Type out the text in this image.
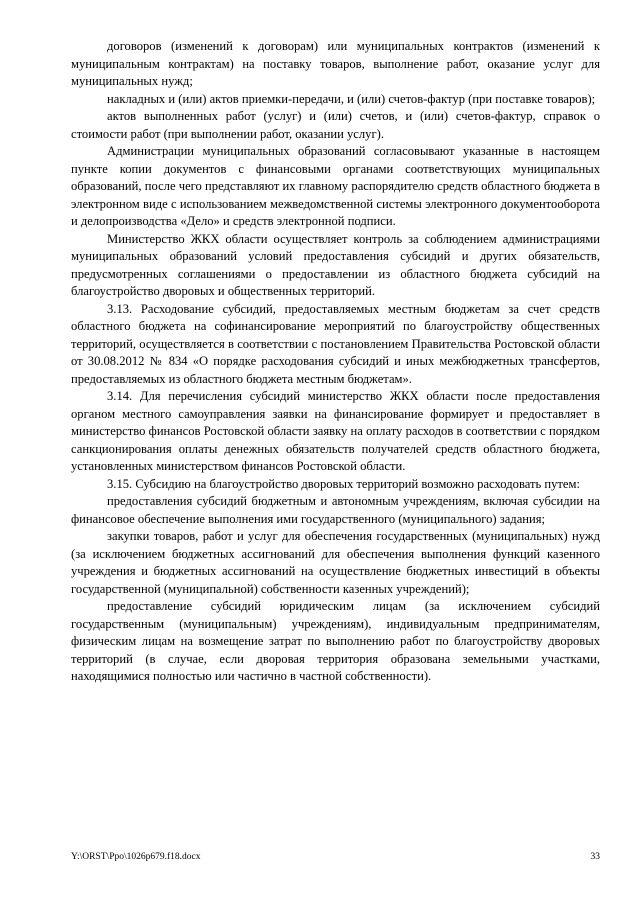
договоров (изменений к договорам) или муниципальных контрактов (изменений к муниципальным контрактам) на поставку товаров, выполнение работ, оказание услуг для муниципальных нужд;

накладных и (или) актов приемки-передачи, и (или) счетов-фактур (при поставке товаров);

актов выполненных работ (услуг) и (или) счетов, и (или) счетов-фактур, справок о стоимости работ (при выполнении работ, оказании услуг).

Администрации муниципальных образований согласовывают указанные в настоящем пункте копии документов с финансовыми органами соответствующих муниципальных образований, после чего представляют их главному распорядителю средств областного бюджета в электронном виде с использованием межведомственной системы электронного документооборота и делопроизводства «Дело» и средств электронной подписи.

Министерство ЖКХ области осуществляет контроль за соблюдением администрациями муниципальных образований условий предоставления субсидий и других обязательств, предусмотренных соглашениями о предоставлении из областного бюджета субсидий на благоустройство дворовых и общественных территорий.

3.13. Расходование субсидий, предоставляемых местным бюджетам за счет средств областного бюджета на софинансирование мероприятий по благоустройству общественных территорий, осуществляется в соответствии с постановлением Правительства Ростовской области от 30.08.2012 № 834 «О порядке расходования субсидий и иных межбюджетных трансфертов, предоставляемых из областного бюджета местным бюджетам».

3.14. Для перечисления субсидий министерство ЖКХ области после предоставления органом местного самоуправления заявки на финансирование формирует и предоставляет в министерство финансов Ростовской области заявку на оплату расходов в соответствии с порядком санкционирования оплаты денежных обязательств получателей средств областного бюджета, установленных министерством финансов Ростовской области.

3.15. Субсидию на благоустройство дворовых территорий возможно расходовать путем:

предоставления субсидий бюджетным и автономным учреждениям, включая субсидии на финансовое обеспечение выполнения ими государственного (муниципального) задания;

закупки товаров, работ и услуг для обеспечения государственных (муниципальных) нужд (за исключением бюджетных ассигнований для обеспечения выполнения функций казенного учреждения и бюджетных ассигнований на осуществление бюджетных инвестиций в объекты государственной (муниципальной) собственности казенных учреждений);

предоставление субсидий юридическим лицам (за исключением субсидий государственным (муниципальным) учреждениям), индивидуальным предпринимателям, физическим лицам на возмещение затрат по выполнению работ по благоустройству дворовых территорий (в случае, если дворовая территория образована земельными участками, находящимися полностью или частично в частной собственности).

Y:\ORST\Ppo\1026p679.f18.docx	33
